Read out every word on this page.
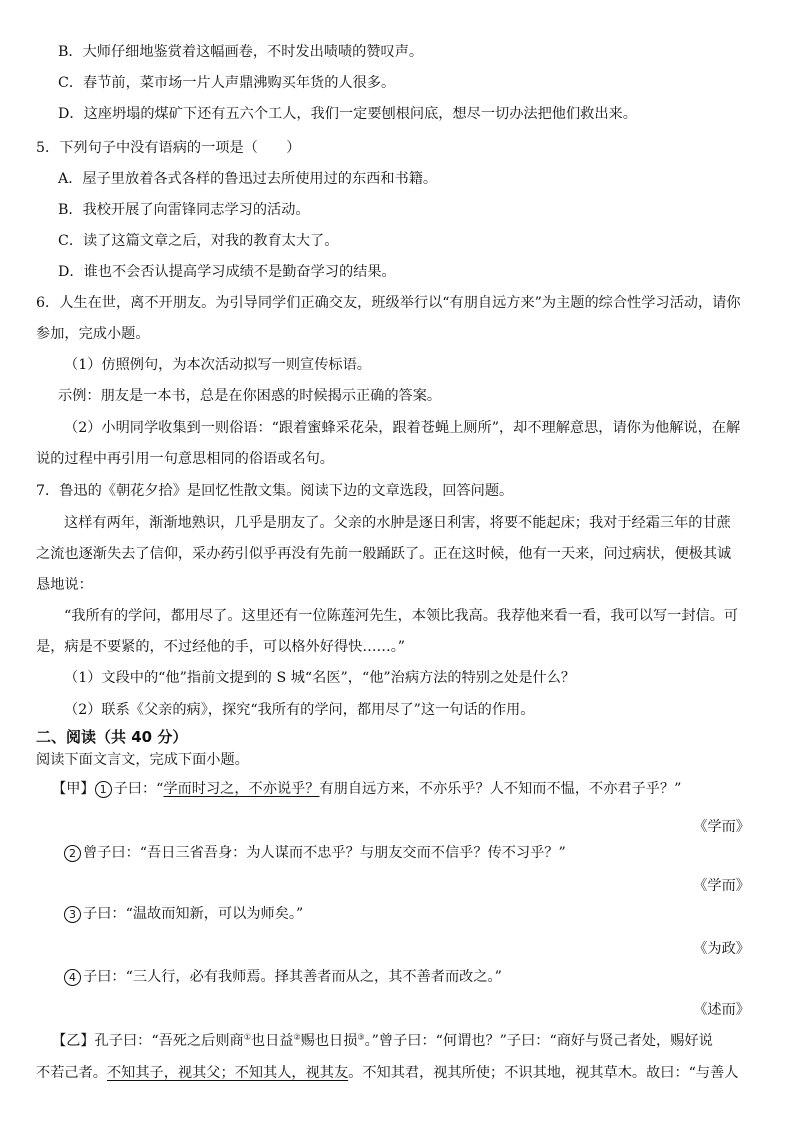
B．大师仔细地鉴赏着这幅画卷，不时发出啧啧的赞叹声。
C．春节前，菜市场一片人声鼎沸购买年货的人很多。
D．这座坍塌的煤矿下还有五六个工人，我们一定要刨根问底，想尽一切办法把他们救出来。
5．下列句子中没有语病的一项是（　　）
A．屋子里放着各式各样的鲁迅过去所使用过的东西和书籍。
B．我校开展了向雷锋同志学习的活动。
C．读了这篇文章之后，对我的教育太大了。
D．谁也不会否认提高学习成绩不是勤奋学习的结果。
6．人生在世，离不开朋友。为引导同学们正确交友，班级举行以“有朋自远方来”为主题的综合性学习活动，请你
参加，完成小题。
（1）仿照例句，为本次活动拟写一则宣传标语。
示例：朋友是一本书，总是在你困惑的时候揭示正确的答案。
（2）小明同学收集到一则俗语：“跟着蜜蜂采花朵，跟着苍蝇上厕所”，却不理解意思，请你为他解说，在解
说的过程中再引用一句意思相同的俗语或名句。
7．鲁迅的《朝花夕拾》是回忆性散文集。阅读下边的文章选段，回答问题。
这样有两年，渐渐地熟识，几乎是朋友了。父亲的水肿是逐日利害，将要不能起床；我对于经霜三年的甘蔗
之流也逐渐失去了信仰，采办药引似乎再没有先前一般踊跃了。正在这时候，他有一天来，问过病状，便极其诚
恳地说：
“我所有的学问，都用尽了。这里还有一位陈莲河先生，本领比我高。我荐他来看一看，我可以写一封信。可
是，病是不要紧的，不过经他的手，可以格外好得快……。”
（1）文段中的“他”指前文提到的 S 城“名医”，“他”治病方法的特别之处是什么？
（2）联系《父亲的病》，探究“我所有的学问，都用尽了”这一句话的作用。
二、阅读（共 40 分）
阅读下面文言文，完成下面小题。
【甲】 1 子曰：“学而时习之，不亦说乎？有朋自远方来，不亦乐乎？人不知而不愠，不亦君子乎？”
《学而》
2 曾子曰：“吾日三省吾身：为人谋而不忠乎？与朋友交而不信乎？传不习乎？”
《学而》
3 子曰：“温故而知新，可以为师矣。”
《为政》
4 子曰：“三人行，必有我师焉。择其善者而从之，其不善者而改之。”
《述而》
【乙】孔子曰：“吾死之后则商①也日益②赐也日损③。”曾子曰：“何谓也？”子曰：“商好与贤己者处，赐好说
不若己者。不知其子，视其父；不知其人，视其友。不知其君，视其所使；不识其地，视其草木。故曰：“与善人
